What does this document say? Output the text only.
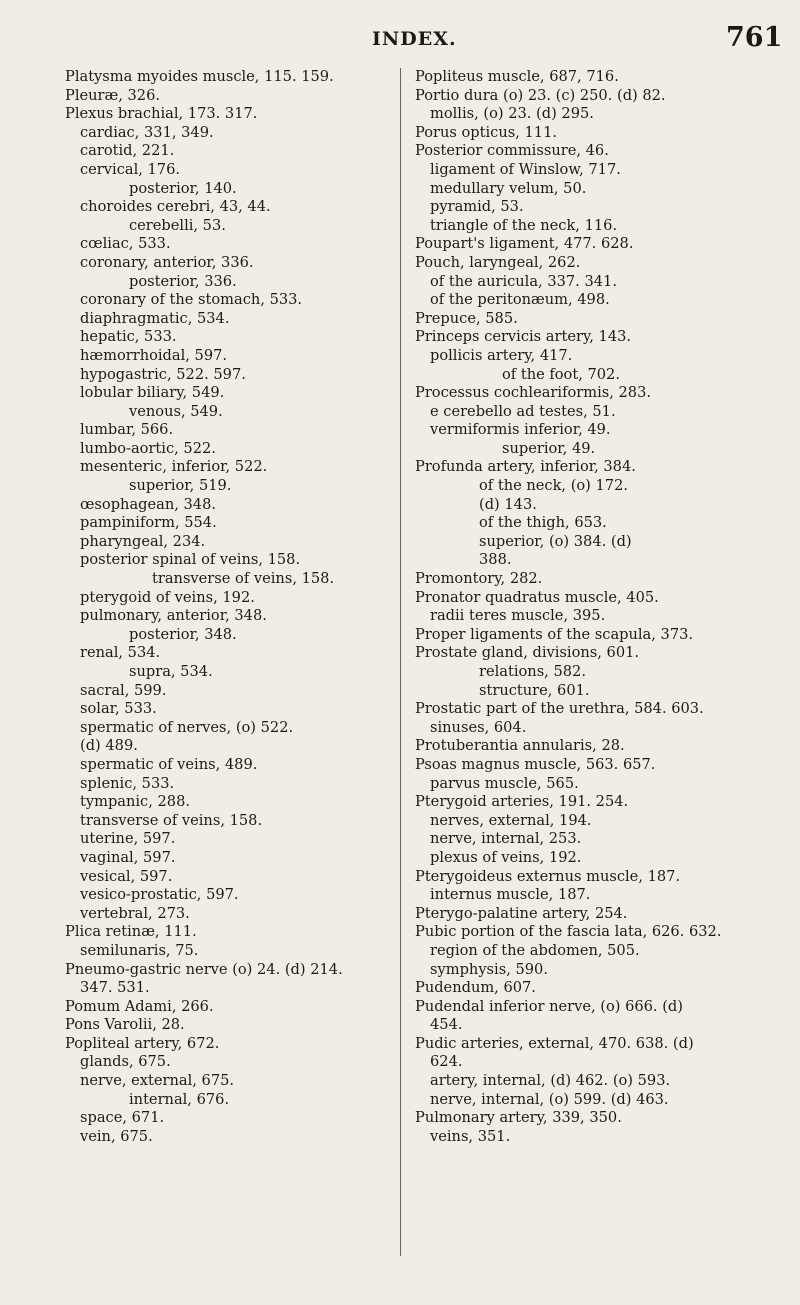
INDEX.	761
Platysma myoides muscle, 115. 159.
Pleuræ, 326.
Plexus brachial, 173. 317.
cardiac, 331, 349.
carotid, 221.
cervical, 176.
posterior, 140.
choroides cerebri, 43, 44.
cerebelli, 53.
cœliac, 533.
coronary, anterior, 336.
posterior, 336.
coronary of the stomach, 533.
diaphragmatic, 534.
hepatic, 533.
hæmorrhoidal, 597.
hypogastric, 522. 597.
lobular biliary, 549.
venous, 549.
lumbar, 566.
lumbo-aortic, 522.
mesenteric, inferior, 522.
superior, 519.
œsophagean, 348.
pampiniform, 554.
pharyngeal, 234.
posterior spinal of veins, 158.
transverse of veins, 158.
pterygoid of veins, 192.
pulmonary, anterior, 348.
posterior, 348.
renal, 534.
supra, 534.
sacral, 599.
solar, 533.
spermatic of nerves, (o) 522.
(d) 489.
spermatic of veins, 489.
splenic, 533.
tympanic, 288.
transverse of veins, 158.
uterine, 597.
vaginal, 597.
vesical, 597.
vesico-prostatic, 597.
vertebral, 273.
Plica retinæ, 111.
semilunaris, 75.
Pneumo-gastric nerve (o) 24. (d) 214.
347. 531.
Pomum Adami, 266.
Pons Varolii, 28.
Popliteal artery, 672.
glands, 675.
nerve, external, 675.
internal, 676.
space, 671.
vein, 675.
Popliteus muscle, 687, 716.
Portio dura (o) 23. (c) 250. (d) 82.
mollis, (o) 23. (d) 295.
Porus opticus, 111.
Posterior commissure, 46.
ligament of Winslow, 717.
medullary velum, 50.
pyramid, 53.
triangle of the neck, 116.
Poupart's ligament, 477. 628.
Pouch, laryngeal, 262.
of the auricula, 337. 341.
of the peritonæum, 498.
Prepuce, 585.
Princeps cervicis artery, 143.
pollicis artery, 417.
of the foot, 702.
Processus cochleariformis, 283.
e cerebello ad testes, 51.
vermiformis inferior, 49.
superior, 49.
Profunda artery, inferior, 384.
of the neck, (o) 172.
(d) 143.
of the thigh, 653.
superior, (o) 384. (d)
388.
Promontory, 282.
Pronator quadratus muscle, 405.
radii teres muscle, 395.
Proper ligaments of the scapula, 373.
Prostate gland, divisions, 601.
relations, 582.
structure, 601.
Prostatic part of the urethra, 584. 603.
sinuses, 604.
Protuberantia annularis, 28.
Psoas magnus muscle, 563. 657.
parvus muscle, 565.
Pterygoid arteries, 191. 254.
nerves, external, 194.
nerve, internal, 253.
plexus of veins, 192.
Pterygoideus externus muscle, 187.
internus muscle, 187.
Pterygo-palatine artery, 254.
Pubic portion of the fascia lata, 626. 632.
region of the abdomen, 505.
symphysis, 590.
Pudendum, 607.
Pudendal inferior nerve, (o) 666. (d)
454.
Pudic arteries, external, 470. 638. (d)
624.
artery, internal, (d) 462. (o) 593.
nerve, internal, (o) 599. (d) 463.
Pulmonary artery, 339, 350.
veins, 351.
